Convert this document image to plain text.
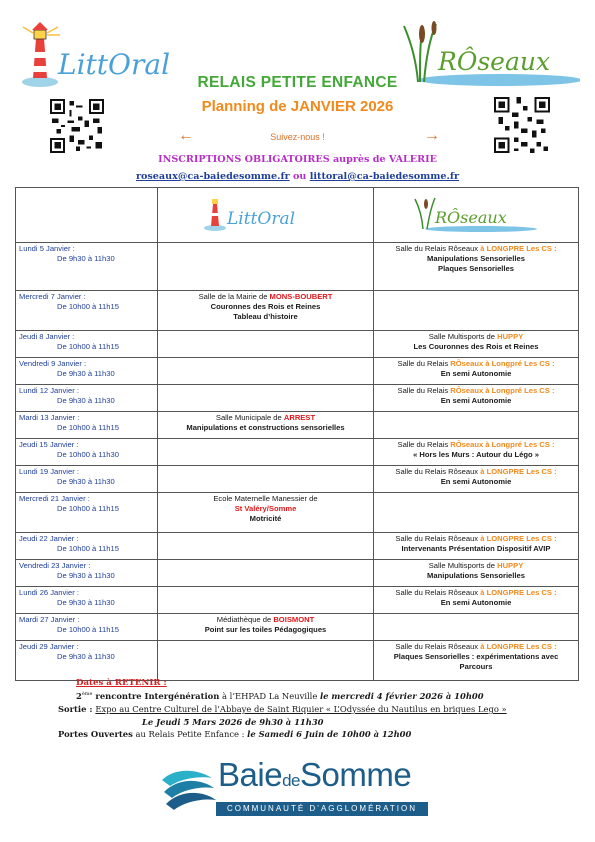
LittOral	RÔseaux
RELAIS PETITE ENFANCE
Planning de JANVIER 2026
←	Suivez-nous !	→
INSCRIPTIONS OBLIGATOIRES auprès de VALERIE
roseaux@ca-baiedesomme.fr ou littoral@ca-baiedesomme.fr

LittOral	RÔseaux

Lundi 5 Janvier :
De 9h30 à 11h30		Salle du Relais Rôseaux à LONGPRE Les CS :
Manipulations Sensorielles
Plaques Sensorielles

Mercredi 7 Janvier :
De 10h00 à 11h15	Salle de la Mairie de MONS-BOUBERT
Couronnes des Rois et Reines
Tableau d’histoire	

Jeudi 8 Janvier :
De 10h00 à 11h15		Salle Multisports de HUPPY
Les Couronnes des Rois et Reines

Vendredi 9 Janvier :
De 9h30 à 11h30		Salle du Relais RÔseaux à Longpré Les CS :
En semi Autonomie

Lundi 12 Janvier :
De 9h30 à 11h30		Salle du Relais RÔseaux à Longpré Les CS :
En semi Autonomie

Mardi 13 Janvier :
De 10h00 à 11h15	Salle Municipale de ARREST
Manipulations et constructions sensorielles	

Jeudi 15 Janvier :
De 10h00 à 11h30		Salle du Relais RÔseaux à Longpré Les CS :
« Hors les Murs : Autour du Légo »

Lundi 19 Janvier :
De 9h30 à 11h30		Salle du Relais Rôseaux à LONGPRE Les CS :
En semi Autonomie

Mercredi 21 Janvier :
De 10h00 à 11h15	Ecole Maternelle Manessier de
St Valéry/Somme
Motricité	

Jeudi 22 Janvier :
De 10h00 à 11h15		Salle du Relais Rôseaux à LONGPRE Les CS :
Intervenants Présentation Dispositif AVIP

Vendredi 23 Janvier :
De 9h30 à 11h30		Salle Multisports de HUPPY
Manipulations Sensorielles

Lundi 26 Janvier :
De 9h30 à 11h30		Salle du Relais Rôseaux à LONGPRE Les CS :
En semi Autonomie

Mardi 27 Janvier :
De 10h00 à 11h15	Médiathèque de BOISMONT
Point sur les toiles Pédagogiques	

Jeudi 29 Janvier :
De 9h30 à 11h30		Salle du Relais Rôseaux à LONGPRE Les CS :
Plaques Sensorielles : expérimentations avec Parcours
Dates à RETENIR :
2ème rencontre Intergénération à l’EHPAD La Neuville le mercredi 4 février 2026 à 10h00
Sortie : Expo au Centre Culturel de l’Abbaye de Saint Riquier « L’Odyssée du Nautilus en briques Lego »
Le Jeudi 5 Mars 2026 de 9h30 à 11h30
Portes Ouvertes au Relais Petite Enfance : le Samedi 6 Juin de 10h00 à 12h00
BaiedeSomme
COMMUNAUTÉ D’AGGLOMÉRATION
